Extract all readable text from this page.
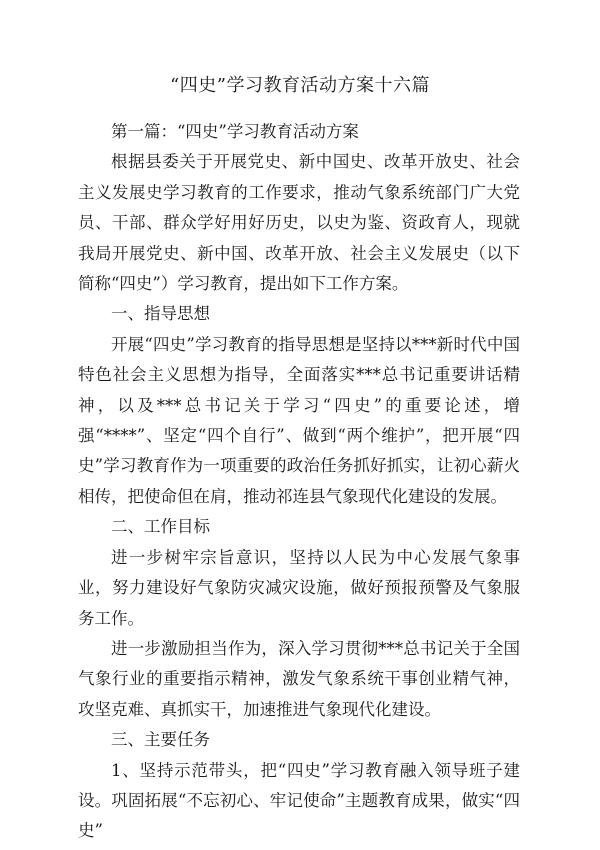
“四史”学习教育活动方案十六篇

第一篇：“四史”学习教育活动方案

根据县委关于开展党史、新中国史、改革开放史、社会主义发展史学习教育的工作要求，推动气象系统部门广大党员、干部、群众学好用好历史，以史为鉴、资政育人，现就我局开展党史、新中国、改革开放、社会主义发展史（以下简称“四史”）学习教育，提出如下工作方案。

一、指导思想

开展“四史”学习教育的指导思想是坚持以***新时代中国特色社会主义思想为指导，全面落实***总书记重要讲话精神，以及***总书记关于学习“四史”的重要论述，增强“****”、坚定“四个自行”、做到“两个维护”，把开展“四史”学习教育作为一项重要的政治任务抓好抓实，让初心薪火相传，把使命但在肩，推动祁连县气象现代化建设的发展。

二、工作目标

进一步树牢宗旨意识，坚持以人民为中心发展气象事业，努力建设好气象防灾减灾设施，做好预报预警及气象服务工作。

进一步激励担当作为，深入学习贯彻***总书记关于全国气象行业的重要指示精神，激发气象系统干事创业精气神，攻坚克难、真抓实干，加速推进气象现代化建设。

三、主要任务

1、坚持示范带头，把“四史”学习教育融入领导班子建设。巩固拓展“不忘初心、牢记使命”主题教育成果，做实“四史”
